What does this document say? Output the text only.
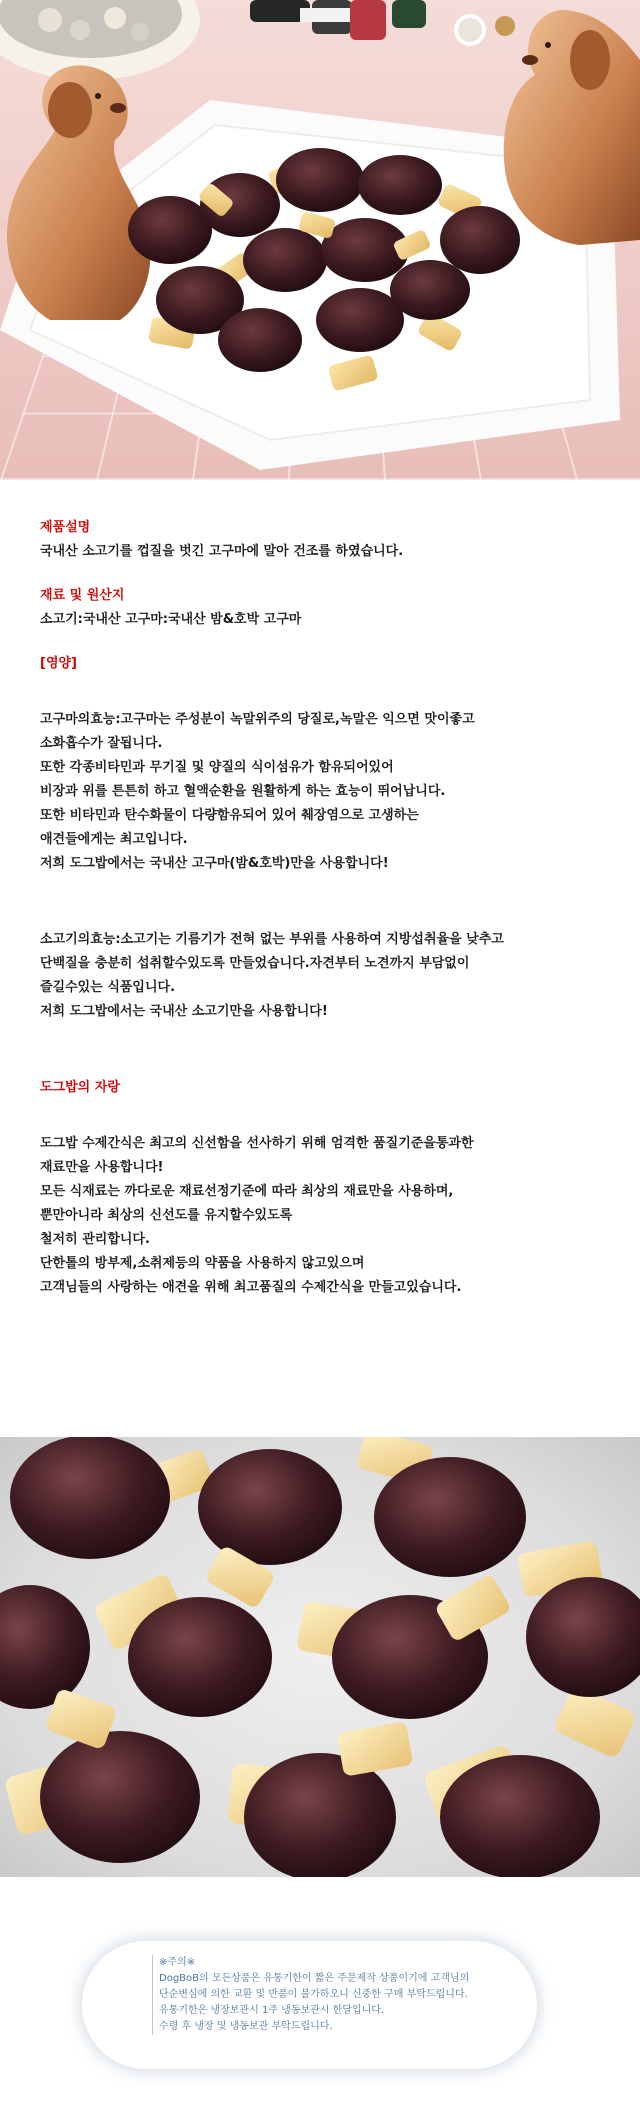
제품설명
국내산 소고기를 껍질을 벗긴 고구마에 말아 건조를 하였습니다.
재료 및 원산지
소고기:국내산 고구마:국내산 밤&호박 고구마
[영양]
고구마의효능:고구마는 주성분이 녹말위주의 당질로,녹말은 익으면 맛이좋고
소화흡수가 잘됩니다.
또한 각종비타민과 무기질 및 양질의 식이섬유가 함유되어있어
비장과 위를 튼튼히 하고 혈액순환을 원활하게 하는 효능이 뛰어납니다.
또한 비타민과 탄수화물이 다량함유되어 있어 췌장염으로 고생하는
애견들에게는 최고입니다.
저희 도그밥에서는 국내산 고구마(밤&호박)만을 사용합니다!
소고기의효능:소고기는 기름기가 전혀 없는 부위를 사용하여 지방섭취율을 낮추고
단백질을 충분히 섭취할수있도록 만들었습니다.자견부터 노견까지 부담없이
즐길수있는 식품입니다.
저희 도그밥에서는 국내산 소고기만을 사용합니다!
도그밥의 자랑
도그밥 수제간식은 최고의 신선함을 선사하기 위해 엄격한 품질기준을통과한
재료만을 사용합니다!
모든 식재료는 까다로운 재료선정기준에 따라 최상의 재료만을 사용하며,
뿐만아니라 최상의 신선도를 유지할수있도록
철저히 관리합니다.
단한톨의 방부제,소취제등의 약품을 사용하지 않고있으며
고객님들의 사랑하는 애견을 위해 최고품질의 수제간식을 만들고있습니다.
※주의※
DogBoB의 모든상품은 유통기한이 짧은 주문제작 상품이기에 고객님의
단순변심에 의한 교환 및 반품이 불가하오니 신중한 구매 부탁드립니다.
유통기한은 냉장보관시 1주 냉동보관시 한달입니다.
수령 후 냉장 및 냉동보관 부탁드립니다.
